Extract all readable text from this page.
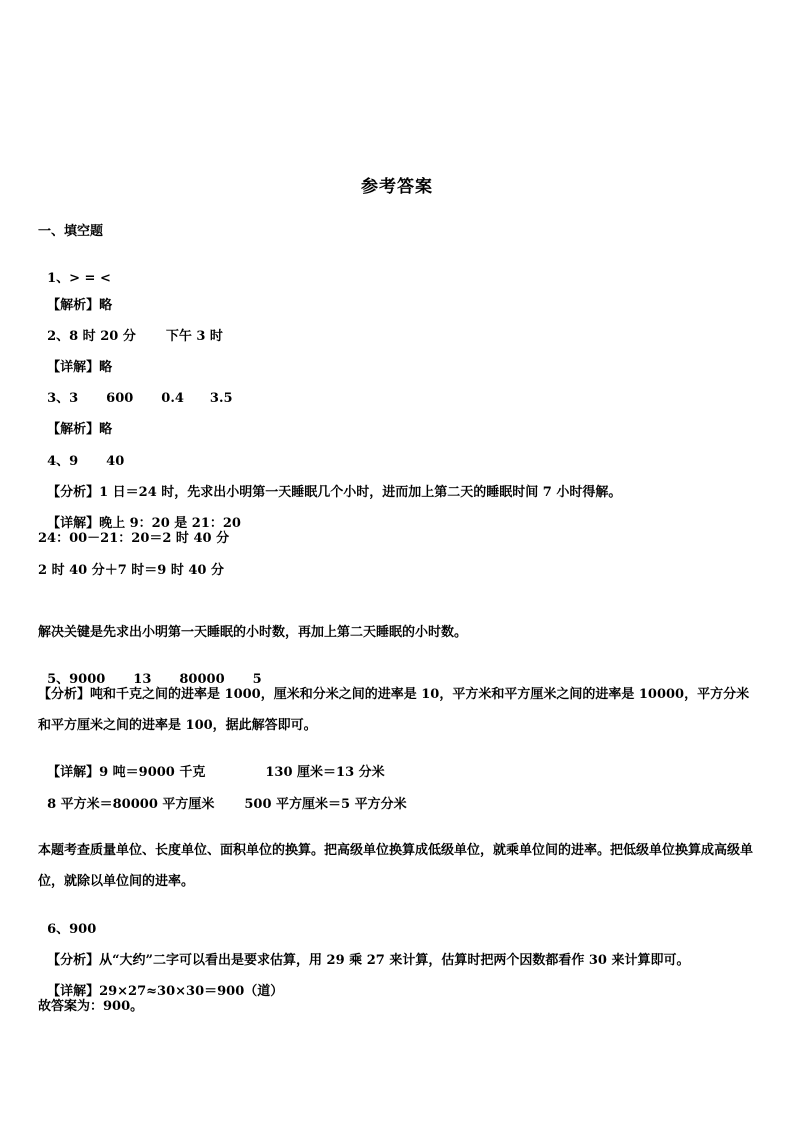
参考答案
一、填空题

1、> = <

【解析】略

2、8 时 20 分 下午 3 时

【详解】略

3、3 600 0.4 3.5

【解析】略

4、9 40

【分析】1 日＝24 时，先求出小明第一天睡眠几个小时，进而加上第二天的睡眠时间 7 小时得解。

【详解】晚上 9：20 是 21：20

24：00－21：20＝2 时 40 分
2 时 40 分＋7 时＝9 时 40 分
解决关键是先求出小明第一天睡眠的小时数，再加上第二天睡眠的小时数。

5、9000 13 80000 5

【分析】吨和千克之间的进率是 1000，厘米和分米之间的进率是 10，平方米和平方厘米之间的进率是 10000，平方分米和平方厘米之间的进率是 100，据此解答即可。

【详解】9 吨＝9000 千克	130 厘米＝13 分米

8 平方米＝80000 平方厘米 500 平方厘米＝5 平方分米

本题考查质量单位、长度单位、面积单位的换算。把高级单位换算成低级单位，就乘单位间的进率。把低级单位换算成高级单位，就除以单位间的进率。

6、900

【分析】从“大约”二字可以看出是要求估算，用 29 乘 27 来计算，估算时把两个因数都看作 30 来计算即可。

【详解】29×27≈30×30＝900（道）

故答案为：900。
